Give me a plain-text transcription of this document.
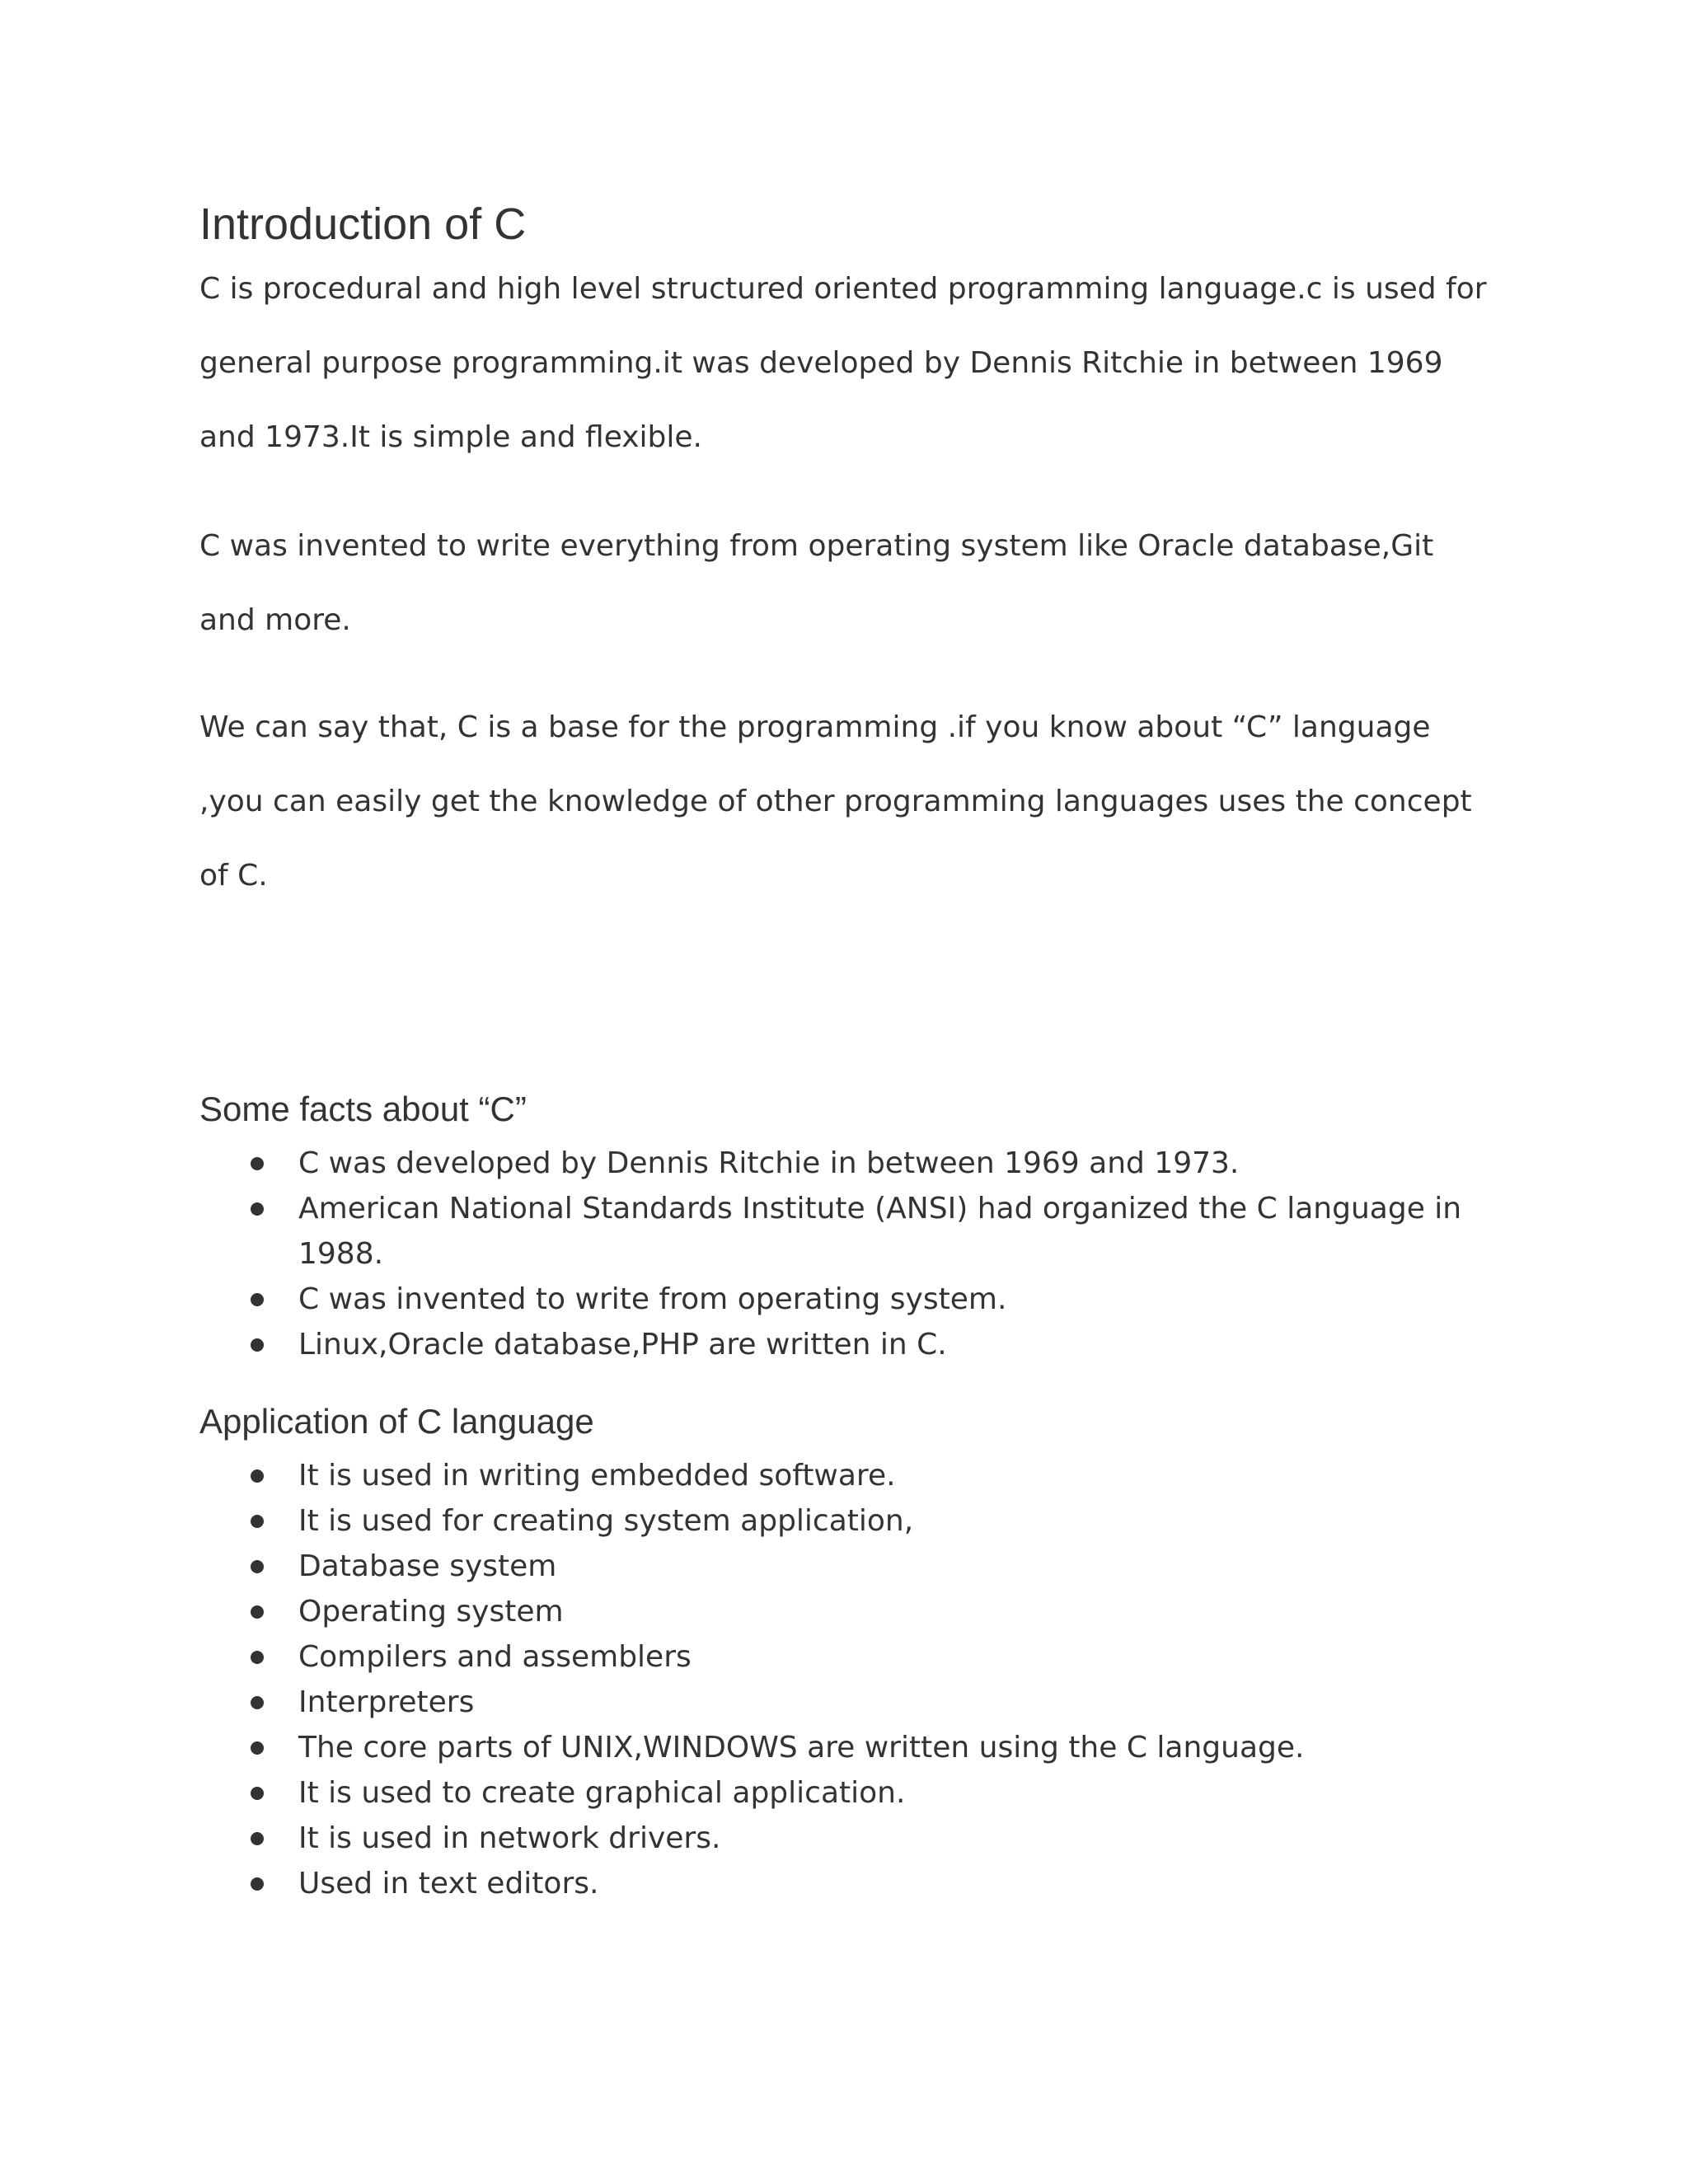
Introduction of C

C is procedural and high level structured oriented programming language.c is used for general purpose programming.it was developed by Dennis Ritchie in between 1969 and 1973.It is simple and flexible.

C was invented to write everything from operating system like Oracle database,Git and more.

We can say that, C is a base for the programming .if you know about “C” language ,you can easily get the knowledge of other programming languages uses the concept of C.

Some facts about “C”
C was developed by Dennis Ritchie in between 1969 and 1973.
American National Standards Institute (ANSI) had organized the C language in 1988.
C was invented to write from operating system.
Linux,Oracle database,PHP are written in C.
Application of C language
It is used in writing embedded software.
It is used for creating system application,
Database system
Operating system
Compilers and assemblers
Interpreters
The core parts of UNIX,WINDOWS are written using the C language.
It is used to create graphical application.
It is used in network drivers.
Used in text editors.
